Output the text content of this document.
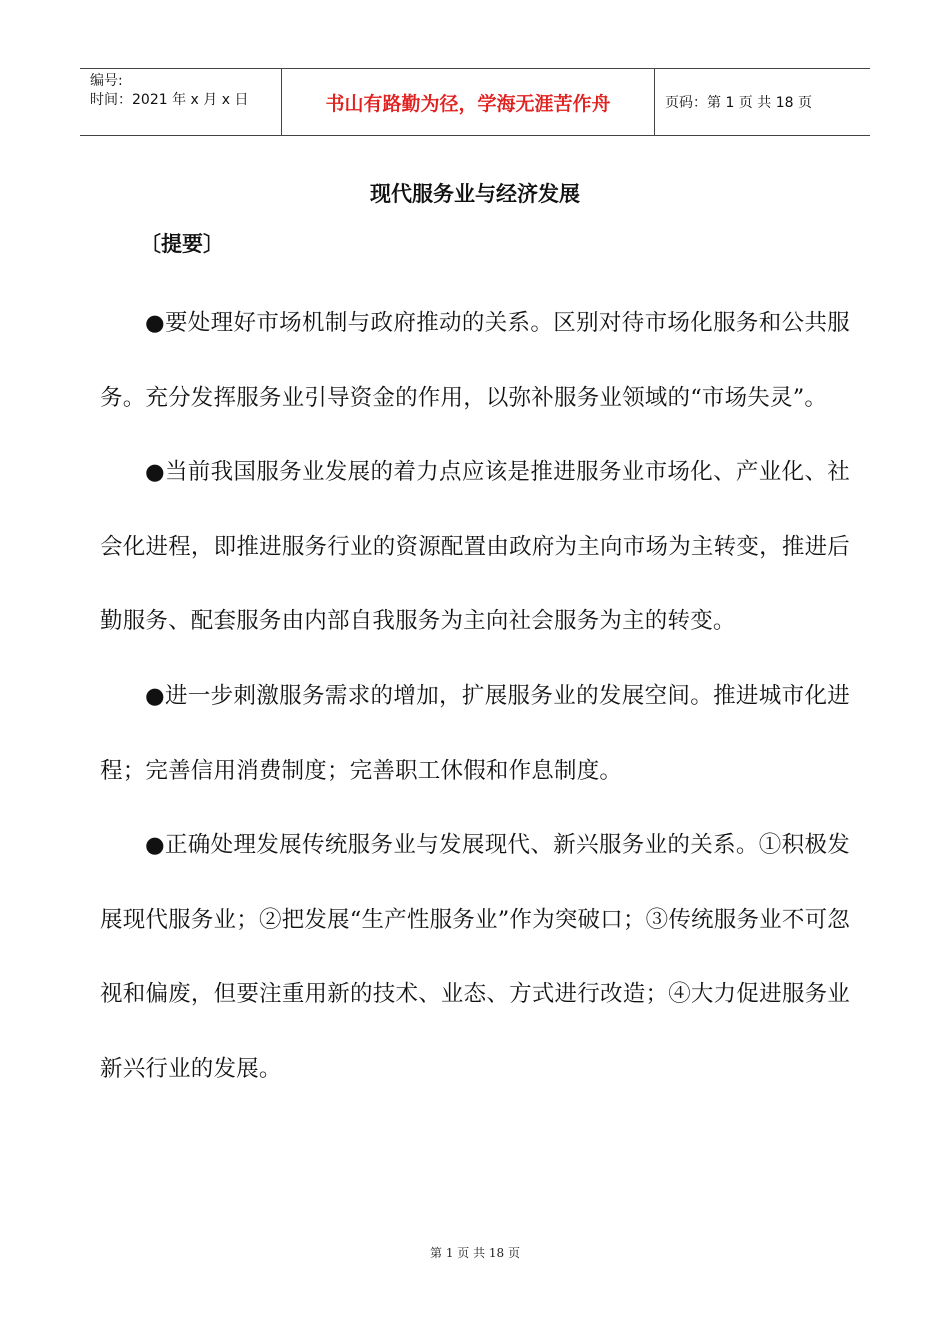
编号:
时间：2021 年 x 月 x 日	书山有路勤为径，学海无涯苦作舟	页码：第 1 页 共 18 页
现代服务业与经济发展
〔提要〕

●要处理好市场机制与政府推动的关系。区别对待市场化服务和公共服务。充分发挥服务业引导资金的作用，以弥补服务业领域的“市场失灵”。

●当前我国服务业发展的着力点应该是推进服务业市场化、产业化、社会化进程，即推进服务行业的资源配置由政府为主向市场为主转变，推进后勤服务、配套服务由内部自我服务为主向社会服务为主的转变。

●进一步刺激服务需求的增加，扩展服务业的发展空间。推进城市化进程；完善信用消费制度；完善职工休假和作息制度。

●正确处理发展传统服务业与发展现代、新兴服务业的关系。①积极发展现代服务业；②把发展“生产性服务业”作为突破口；③传统服务业不可忽视和偏废，但要注重用新的技术、业态、方式进行改造；④大力促进服务业新兴行业的发展。

第 1 页 共 18 页
